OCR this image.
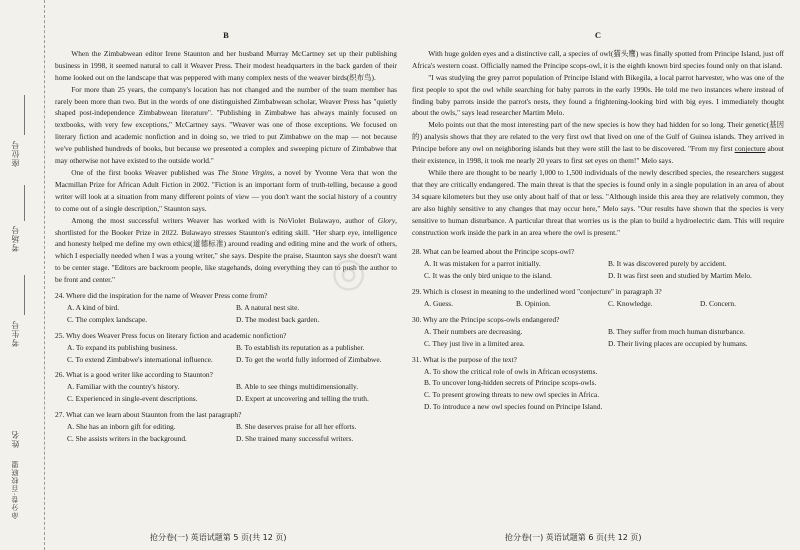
座位号
考场号
考生号
姓名
命分卷·百校联盟
B

When the Zimbabwean editor Irene Staunton and her husband Murray McCartney set up their publishing business in 1998, it seemed natural to call it Weaver Press. Their modest headquarters in the back garden of their home looked out on the landscape that was peppered with many complex nests of the weaver birds(织布鸟).

For more than 25 years, the company's location has not changed and the number of the team member has rarely been more than two. But in the words of one distinguished Zimbabwean scholar, Weaver Press has "quietly shaped post-independence Zimbabwean literature". "Publishing in Zimbabwe has always mainly focused on textbooks, with very few exceptions," McCartney says. "Weaver was one of those exceptions. We focused on literary fiction and academic nonfiction and in doing so, we tried to put Zimbabwe on the map — not because we've published hundreds of books, but because we presented a complex and sweeping picture of Zimbabwe that may otherwise not have existed to the outside world."

One of the first books Weaver published was The Stone Virgins, a novel by Yvonne Vera that won the Macmillan Prize for African Adult Fiction in 2002. "Fiction is an important form of truth-telling, because a good writer will look at a situation from many different points of view — you don't want the social history of a country to come out of a single description," Staunton says.

Among the most successful writers Weaver has worked with is NoViolet Bulawayo, author of Glory, shortlisted for the Booker Prize in 2022. Bulawayo stresses Staunton's editing skill. "Her sharp eye, intelligence and honesty helped me define my own ethics(道德标准) around reading and editing mine and the work of others, which I especially needed when I was a young writer," she says. Despite the praise, Staunton says she doesn't want to be center stage. "Editors are backroom people, like stagehands, doing everything they can to push the author to be front and center."

24. Where did the inspiration for the name of Weaver Press come from?
A. A kind of bird.	B. A natural nest site.
C. The complex landscape.	D. The modest back garden.
25. Why does Weaver Press focus on literary fiction and academic nonfiction?
A. To expand its publishing business.	B. To establish its reputation as a publisher.
C. To extend Zimbabwe's international influence.	D. To get the world fully informed of Zimbabwe.
26. What is a good writer like according to Staunton?
A. Familiar with the country's history.	B. Able to see things multidimensionally.
C. Experienced in single-event descriptions.	D. Expert at uncovering and telling the truth.
27. What can we learn about Staunton from the last paragraph?
A. She has an inborn gift for editing.	B. She deserves praise for all her efforts.
C. She assists writers in the background.	D. She trained many successful writers.
C

With huge golden eyes and a distinctive call, a species of owl(猫头鹰) was finally spotted from Principe Island, just off Africa's western coast. Officially named the Principe scops-owl, it is the eighth known bird species found only on that island.

"I was studying the grey parrot population of Principe Island with Bikegila, a local parrot harvester, who was one of the first people to spot the owl while searching for baby parrots in the early 1990s. He told me two instances where instead of finding baby parrots inside the parrot's nests, they found a frightening-looking bird with big eyes. I immediately thought about the owls," says lead researcher Martim Melo.

Melo points out that the most interesting part of the new species is how they had hidden for so long. Their genetic(基因的) analysis shows that they are related to the very first owl that lived on one of the Gulf of Guinea islands. They arrived in Principe before any owl on neighboring islands but they were still the last to be discovered. "From my first conjecture about their existence, in 1998, it took me nearly 20 years to first set eyes on them!" Melo says.

While there are thought to be nearly 1,000 to 1,500 individuals of the newly described species, the researchers suggest that they are critically endangered. The main threat is that the species is found only in a single population in an area of about 34 square kilometers but they use only about half of that or less. "Although inside this area they are relatively common, they are also highly sensitive to any changes that may occur here," Melo says. "Our results have shown that the species is very sensitive to human disturbance. A particular threat that worries us is the plan to build a hydroelectric dam. This will require construction work inside the park in an area where the owl is present."

28. What can be learned about the Principe scops-owl?
A. It was mistaken for a parrot initially.	B. It was discovered purely by accident.
C. It was the only bird unique to the island.	D. It was first seen and studied by Martim Melo.
29. Which is closest in meaning to the underlined word "conjecture" in paragraph 3?
A. Guess.	B. Opinion.	C. Knowledge.	D. Concern.
30. Why are the Principe scops-owls endangered?
A. Their numbers are decreasing.	B. They suffer from much human disturbance.
C. They just live in a limited area.	D. Their living places are occupied by humans.
31. What is the purpose of the text?
A. To show the critical role of owls in African ecosystems.
B. To uncover long-hidden secrets of Principe scops-owls.
C. To present growing threats to new owl species in Africa.
D. To introduce a new owl species found on Principe Island.
抢分卷(一) 英语试题第 5 页(共 12 页)	抢分卷(一) 英语试题第 6 页(共 12 页)
◎
